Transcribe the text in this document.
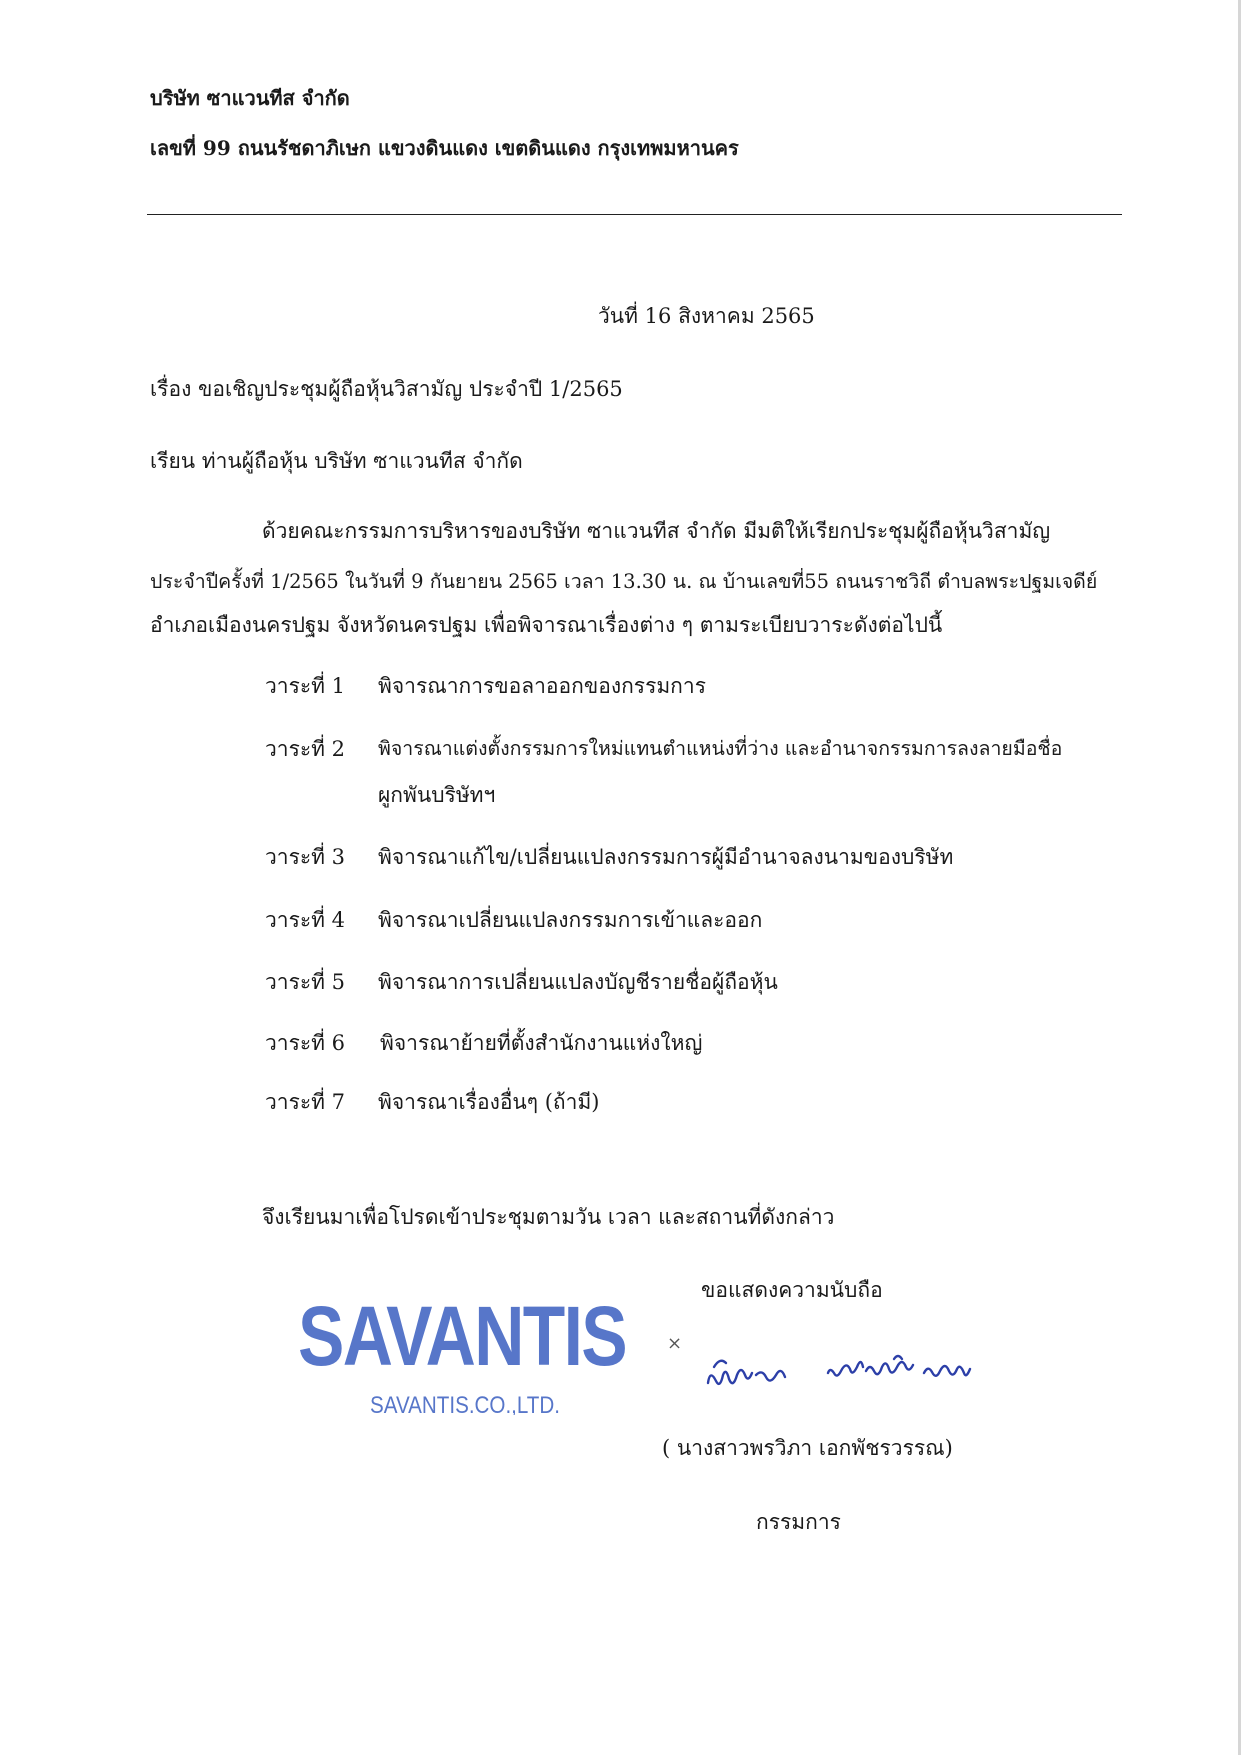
บริษัท ซาแวนทีส จำกัด
เลขที่ 99 ถนนรัชดาภิเษก แขวงดินแดง เขตดินแดง กรุงเทพมหานคร
วันที่ 16 สิงหาคม 2565
เรื่อง ขอเชิญประชุมผู้ถือหุ้นวิสามัญ ประจำปี 1/2565
เรียน ท่านผู้ถือหุ้น บริษัท ซาแวนทีส จำกัด
ด้วยคณะกรรมการบริหารของบริษัท ซาแวนทีส จำกัด มีมติให้เรียกประชุมผู้ถือหุ้นวิสามัญ
ประจำปีครั้งที่ 1/2565 ในวันที่ 9 กันยายน 2565 เวลา 13.30 น. ณ บ้านเลขที่55 ถนนราชวิถี ตำบลพระปฐมเจดีย์
อำเภอเมืองนครปฐม จังหวัดนครปฐม เพื่อพิจารณาเรื่องต่าง ๆ ตามระเบียบวาระดังต่อไปนี้
วาระที่ 1 พิจารณาการขอลาออกของกรรมการ
วาระที่ 2 พิจารณาแต่งตั้งกรรมการใหม่แทนตำแหน่งที่ว่าง และอำนาจกรรมการลงลายมือชื่อ
ผูกพันบริษัทฯ
วาระที่ 3 พิจารณาแก้ไข/เปลี่ยนแปลงกรรมการผู้มีอำนาจลงนามของบริษัท
วาระที่ 4 พิจารณาเปลี่ยนแปลงกรรมการเข้าและออก
วาระที่ 5 พิจารณาการเปลี่ยนแปลงบัญชีรายชื่อผู้ถือหุ้น
วาระที่ 6 พิจารณาย้ายที่ตั้งสำนักงานแห่งใหญ่
วาระที่ 7 พิจารณาเรื่องอื่นๆ (ถ้ามี)
จึงเรียนมาเพื่อโปรดเข้าประชุมตามวัน เวลา และสถานที่ดังกล่าว
ขอแสดงความนับถือ
SAVANTIS
SAVANTIS.CO.,LTD.
×
( นางสาวพรวิภา เอกพัชรวรรณ)
กรรมการ
